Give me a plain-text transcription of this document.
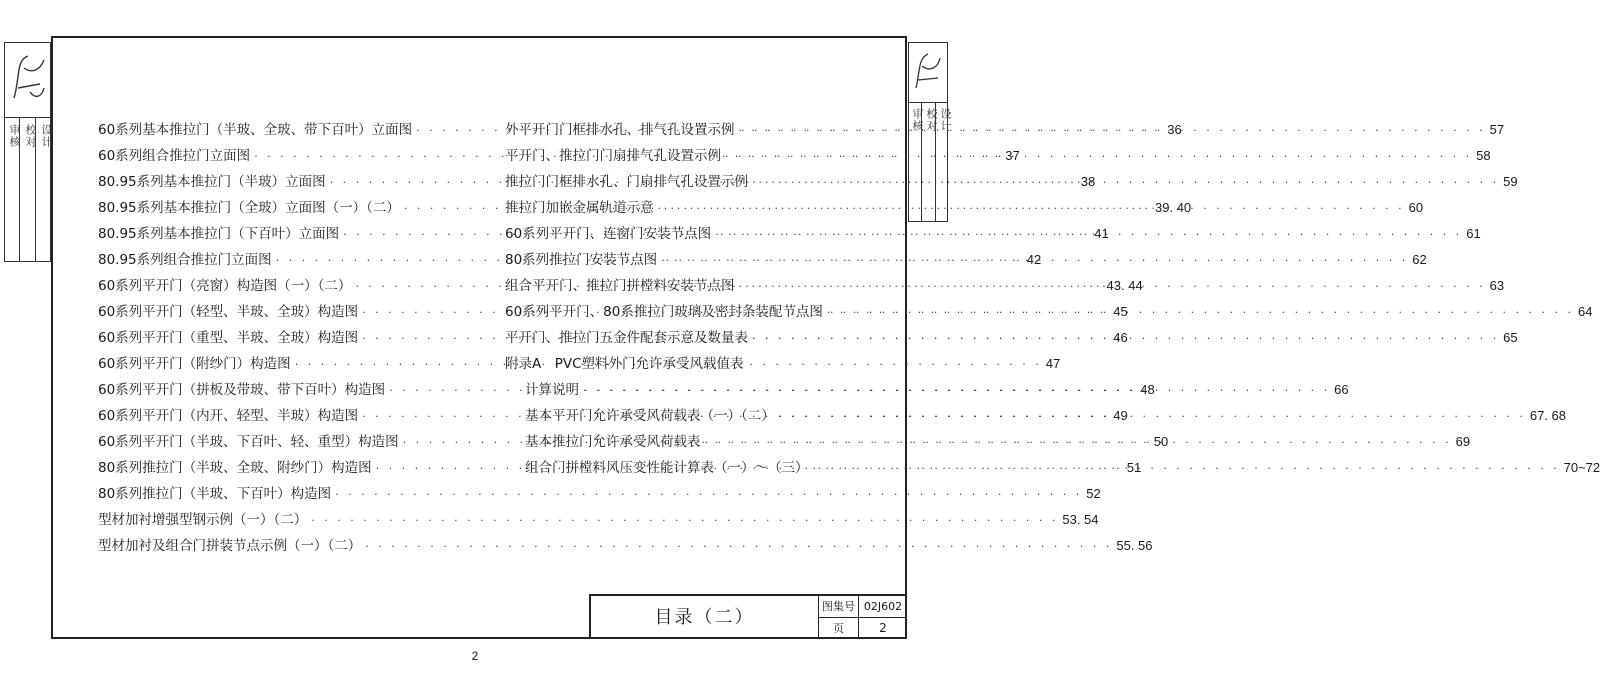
审核 校对 设计
审核 校对 设计
60系列基本推拉门（半玻、全玻、带下百叶）立面图 · · ·	36
60系列组合推拉门立面图 · · ·	37
80.95系列基本推拉门（半玻）立面图 · · ·	38
80.95系列基本推拉门（全玻）立面图（一）（二） · · ·	39. 40
80.95系列基本推拉门（下百叶）立面图 · · ·	41
80.95系列组合推拉门立面图 · · ·	42
60系列平开门（亮窗）构造图（一）（二） · · ·	43. 44
60系列平开门（轻型、半玻、全玻）构造图 · · ·	45
60系列平开门（重型、半玻、全玻）构造图 · · ·	46
60系列平开门（附纱门）构造图 · · ·	47
60系列平开门（拼板及带玻、带下百叶）构造图 · · ·	48
60系列平开门（内开、轻型、半玻）构造图 · · ·	49
60系列平开门（半玻、下百叶、轻、重型）构造图 · · ·	50
80系列推拉门（半玻、全玻、附纱门）构造图 · · ·	51
80系列推拉门（半玻、下百叶）构造图 · · ·	52
型材加衬增强型钢示例（一）（二） · · ·	53. 54
型材加衬及组合门拼装节点示例（一）（二） · · ·	55. 56
外平开门门框排水孔、排气孔设置示例 · · ·	57
平开门、推拉门门扇排气孔设置示例 · · ·	58
推拉门门框排水孔、门扇排气孔设置示例 · · ·	59
推拉门加嵌金属轨道示意 · · ·	60
60系列平开门、连窗门安装节点图 · · ·	61
80系列推拉门安装节点图 · · ·	62
组合平开门、推拉门拼樘料安装节点图 · · ·	63
60系列平开门、80系推拉门玻璃及密封条装配节点图 · · ·	64
平开门、推拉门五金件配套示意及数量表 · · ·	65
附录A　PVC塑料外门允许承受风载值表
计算说明 · · ·	66
基本平开门允许承受风荷载表（一）（二） · · ·	67. 68
基本推拉门允许承受风荷载表 · · ·	69
组合门拼樘料风压变性能计算表（一）～（三） · · ·	70~72
目录（二）
图集号 02J602
页	2
2
